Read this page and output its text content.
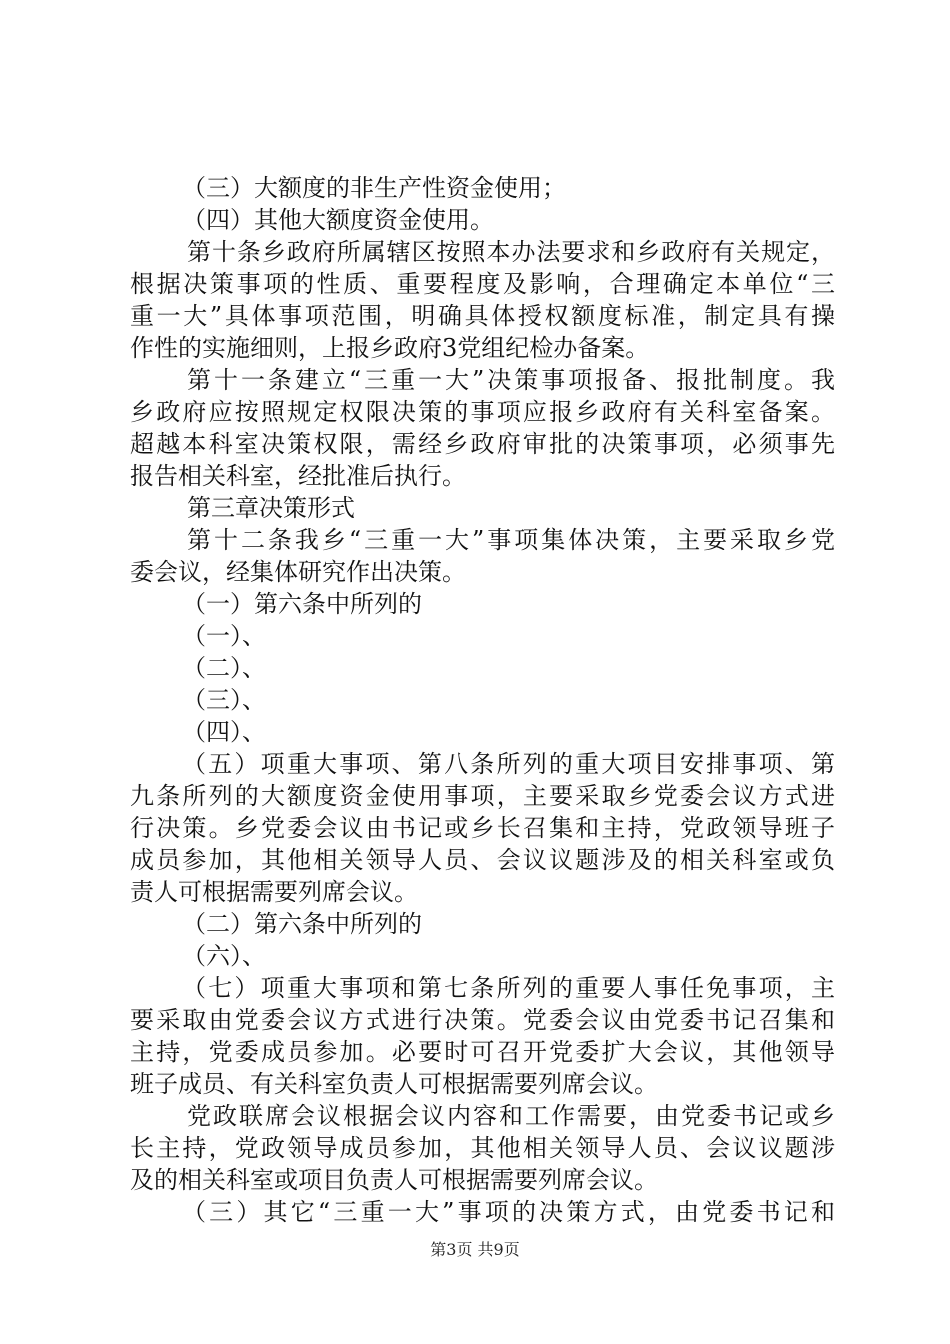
（三）大额度的非生产性资金使用；
（四）其他大额度资金使用。
第十条乡政府所属辖区按照本办法要求和乡政府有关规定，
根据决策事项的性质、重要程度及影响，合理确定本单位“三
重一大”具体事项范围，明确具体授权额度标准，制定具有操
作性的实施细则，上报乡政府3党组纪检办备案。
第十一条建立“三重一大”决策事项报备、报批制度。我
乡政府应按照规定权限决策的事项应报乡政府有关科室备案。
超越本科室决策权限，需经乡政府审批的决策事项，必须事先
报告相关科室，经批准后执行。
第三章决策形式
第十二条我乡“三重一大”事项集体决策，主要采取乡党
委会议，经集体研究作出决策。
（一）第六条中所列的
（一）、
（二）、
（三）、
（四）、
（五）项重大事项、第八条所列的重大项目安排事项、第
九条所列的大额度资金使用事项，主要采取乡党委会议方式进
行决策。乡党委会议由书记或乡长召集和主持，党政领导班子
成员参加，其他相关领导人员、会议议题涉及的相关科室或负
责人可根据需要列席会议。
（二）第六条中所列的
（六）、
（七）项重大事项和第七条所列的重要人事任免事项，主
要采取由党委会议方式进行决策。党委会议由党委书记召集和
主持，党委成员参加。必要时可召开党委扩大会议，其他领导
班子成员、有关科室负责人可根据需要列席会议。
党政联席会议根据会议内容和工作需要，由党委书记或乡
长主持，党政领导成员参加，其他相关领导人员、会议议题涉
及的相关科室或项目负责人可根据需要列席会议。
（三）其它“三重一大”事项的决策方式，由党委书记和
第3页 共9页
